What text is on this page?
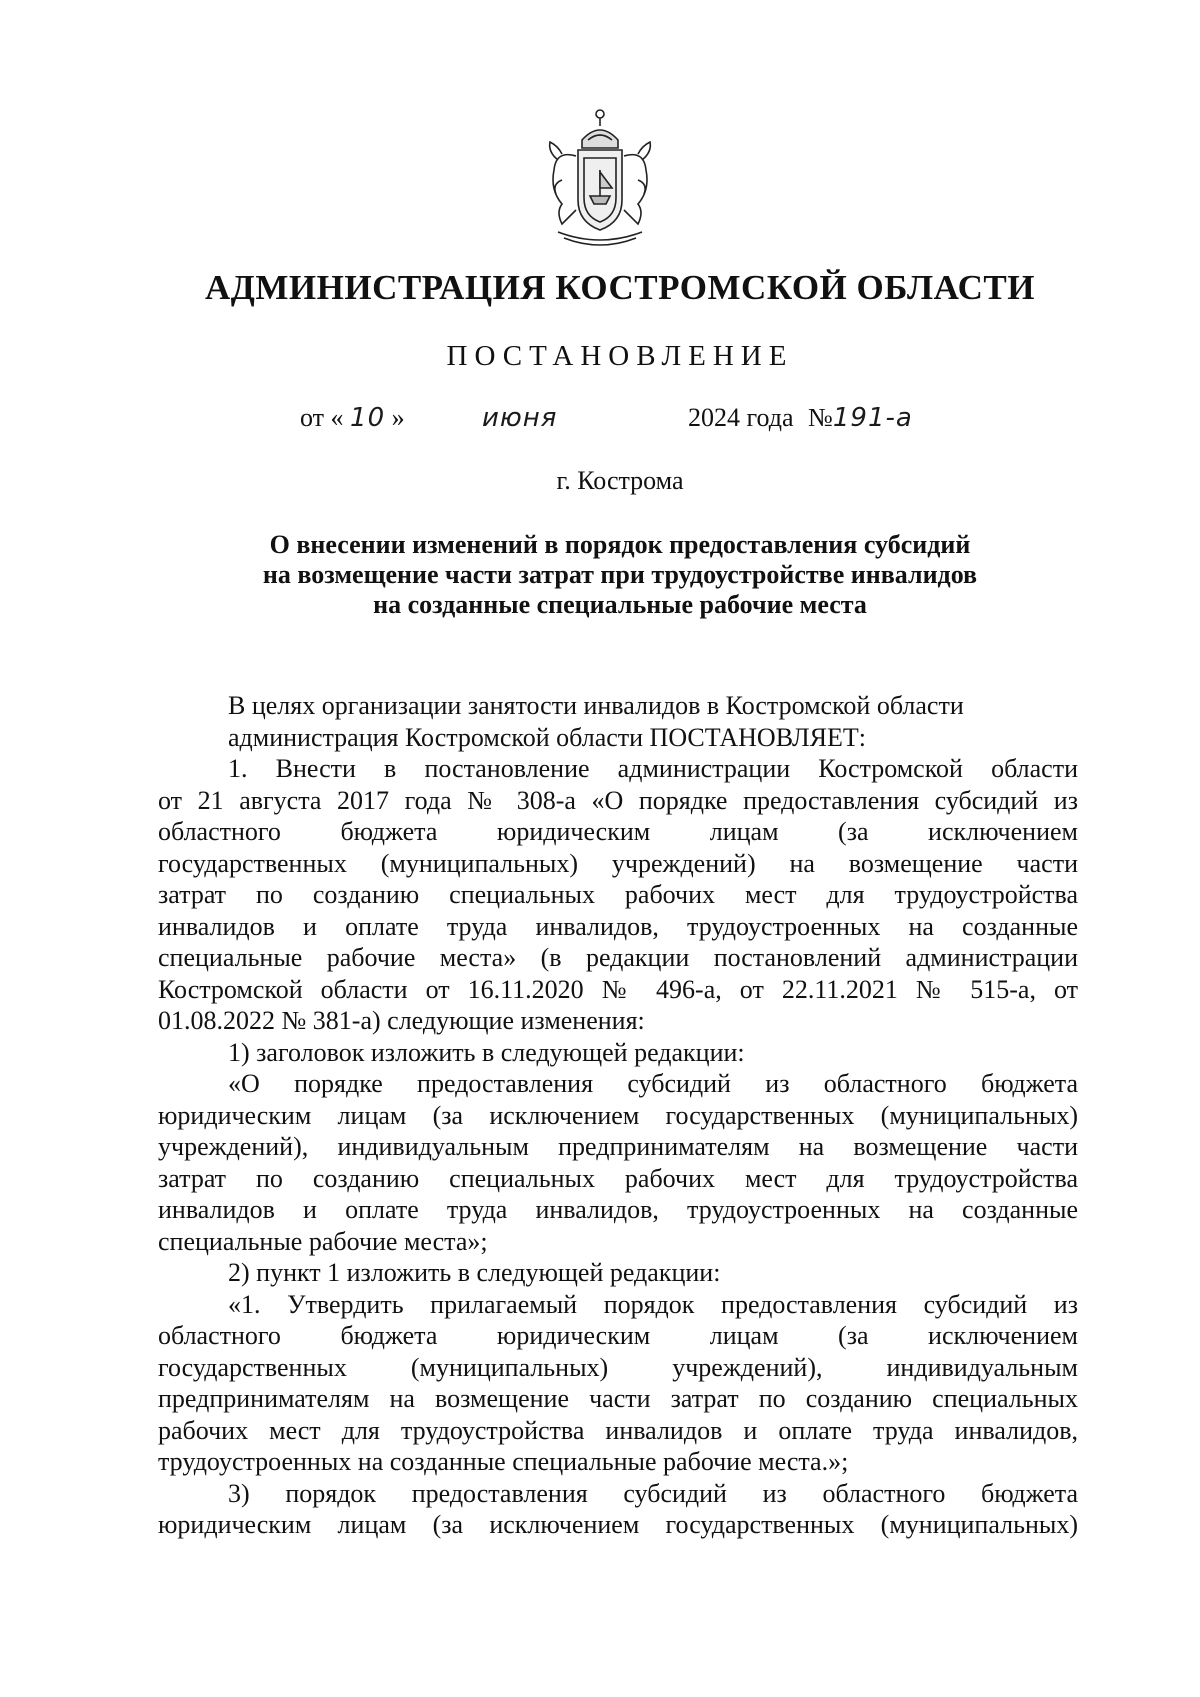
АДМИНИСТРАЦИЯ КОСТРОМСКОЙ ОБЛАСТИ
ПОСТАНОВЛЕНИЕ
от « 10 »	июня	2024 года №191-а
г. Кострома
О внесении изменений в порядок предоставления субсидий
на возмещение части затрат при трудоустройстве инвалидов
на созданные специальные рабочие места

В целях организации занятости инвалидов в Костромской области

администрация Костромской области ПОСТАНОВЛЯЕТ:

1. Внести в постановление администрации Костромской области

от 21 августа 2017 года № 308-а «О порядке предоставления субсидий из

областного бюджета юридическим лицам (за исключением

государственных (муниципальных) учреждений) на возмещение части

затрат по созданию специальных рабочих мест для трудоустройства

инвалидов и оплате труда инвалидов, трудоустроенных на созданные

специальные рабочие места» (в редакции постановлений администрации

Костромской области от 16.11.2020 № 496-а, от 22.11.2021 № 515-а, от

01.08.2022 № 381-а) следующие изменения:

1) заголовок изложить в следующей редакции:

«О порядке предоставления субсидий из областного бюджета

юридическим лицам (за исключением государственных (муниципальных)

учреждений), индивидуальным предпринимателям на возмещение части

затрат по созданию специальных рабочих мест для трудоустройства

инвалидов и оплате труда инвалидов, трудоустроенных на созданные

специальные рабочие места»;

2) пункт 1 изложить в следующей редакции:

«1. Утвердить прилагаемый порядок предоставления субсидий из

областного бюджета юридическим лицам (за исключением

государственных (муниципальных) учреждений), индивидуальным

предпринимателям на возмещение части затрат по созданию специальных

рабочих мест для трудоустройства инвалидов и оплате труда инвалидов,

трудоустроенных на созданные специальные рабочие места.»;

3) порядок предоставления субсидий из областного бюджета

юридическим лицам (за исключением государственных (муниципальных)
